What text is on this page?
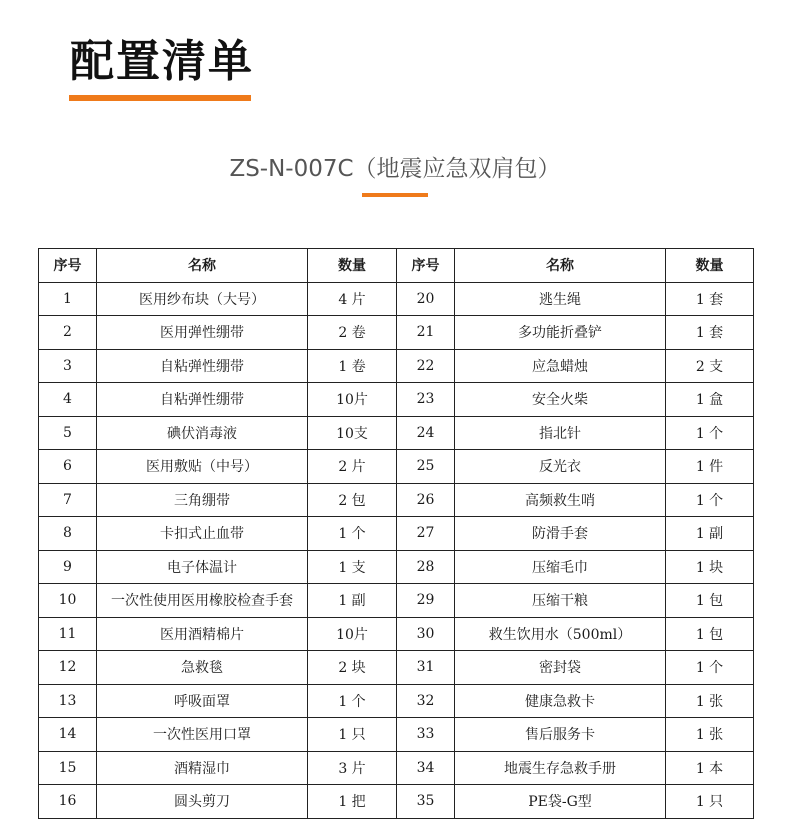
配置清单
ZS-N-007C（地震应急双肩包）
序号	名称	数量	序号	名称	数量
1	医用纱布块（大号）	4 片	20	逃生绳	1 套
2	医用弹性绷带	2 卷	21	多功能折叠铲	1 套
3	自粘弹性绷带	1 卷	22	应急蜡烛	2 支
4	自粘弹性绷带	10片	23	安全火柴	1 盒
5	碘伏消毒液	10支	24	指北针	1 个
6	医用敷贴（中号）	2 片	25	反光衣	1 件
7	三角绷带	2 包	26	高频救生哨	1 个
8	卡扣式止血带	1 个	27	防滑手套	1 副
9	电子体温计	1 支	28	压缩毛巾	1 块
10	一次性使用医用橡胶检查手套	1 副	29	压缩干粮	1 包
11	医用酒精棉片	10片	30	救生饮用水（500ml）	1 包
12	急救毯	2 块	31	密封袋	1 个
13	呼吸面罩	1 个	32	健康急救卡	1 张
14	一次性医用口罩	1 只	33	售后服务卡	1 张
15	酒精湿巾	3 片	34	地震生存急救手册	1 本
16	圆头剪刀	1 把	35	PE袋-G型	1 只
